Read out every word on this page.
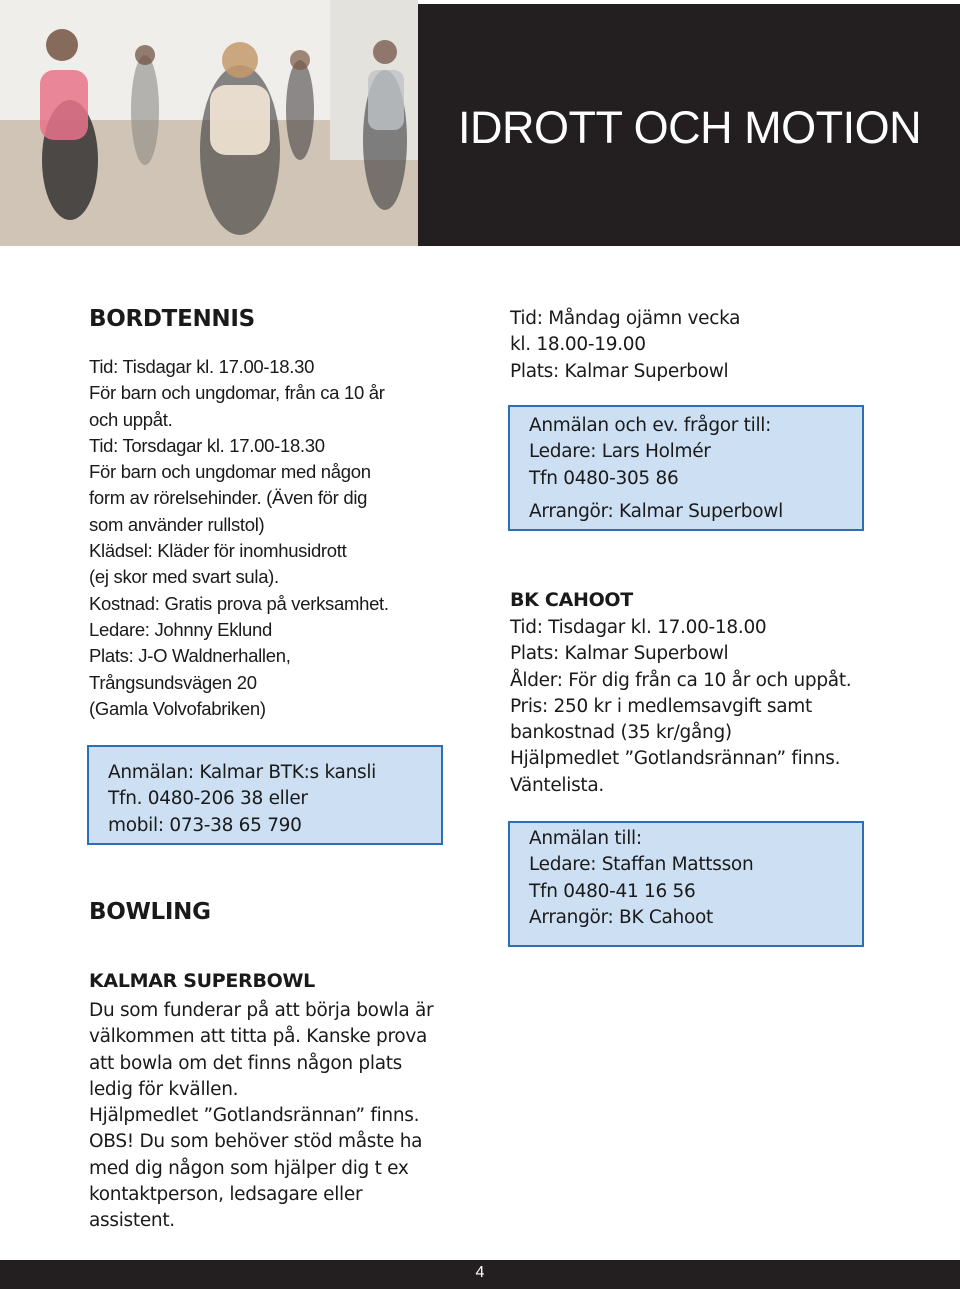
IDROTT OCH MOTION
BORDTENNIS
Tid: Tisdagar kl. 17.00-18.30
För barn och ungdomar, från ca 10 år
och uppåt.
Tid: Torsdagar kl. 17.00-18.30
För barn och ungdomar med någon
form av rörelsehinder. (Även för dig
som använder rullstol)
Klädsel: Kläder för inomhusidrott
(ej skor med svart sula).
Kostnad: Gratis prova på verksamhet.
Ledare: Johnny Eklund
Plats: J-O Waldnerhallen,
Trångsundsvägen 20
(Gamla Volvofabriken)
Anmälan: Kalmar BTK:s kansli
Tfn. 0480-206 38 eller
mobil: 073-38 65 790
BOWLING
KALMAR SUPERBOWL
Du som funderar på att börja bowla är
välkommen att titta på. Kanske prova
att bowla om det finns någon plats
ledig för kvällen.
Hjälpmedlet ”Gotlandsrännan” finns.
OBS! Du som behöver stöd måste ha
med dig någon som hjälper dig t ex
kontaktperson, ledsagare eller
assistent.
Tid: Måndag ojämn vecka
kl. 18.00-19.00
Plats: Kalmar Superbowl
Anmälan och ev. frågor till:
Ledare: Lars Holmér
Tfn 0480-305 86
Arrangör: Kalmar Superbowl
BK CAHOOT
Tid: Tisdagar kl. 17.00-18.00
Plats: Kalmar Superbowl
Ålder: För dig från ca 10 år och uppåt.
Pris: 250 kr i medlemsavgift samt
bankostnad (35 kr/gång)
Hjälpmedlet ”Gotlandsrännan” finns.
Väntelista.
Anmälan till:
Ledare: Staffan Mattsson
Tfn 0480-41 16 56
Arrangör: BK Cahoot
4
